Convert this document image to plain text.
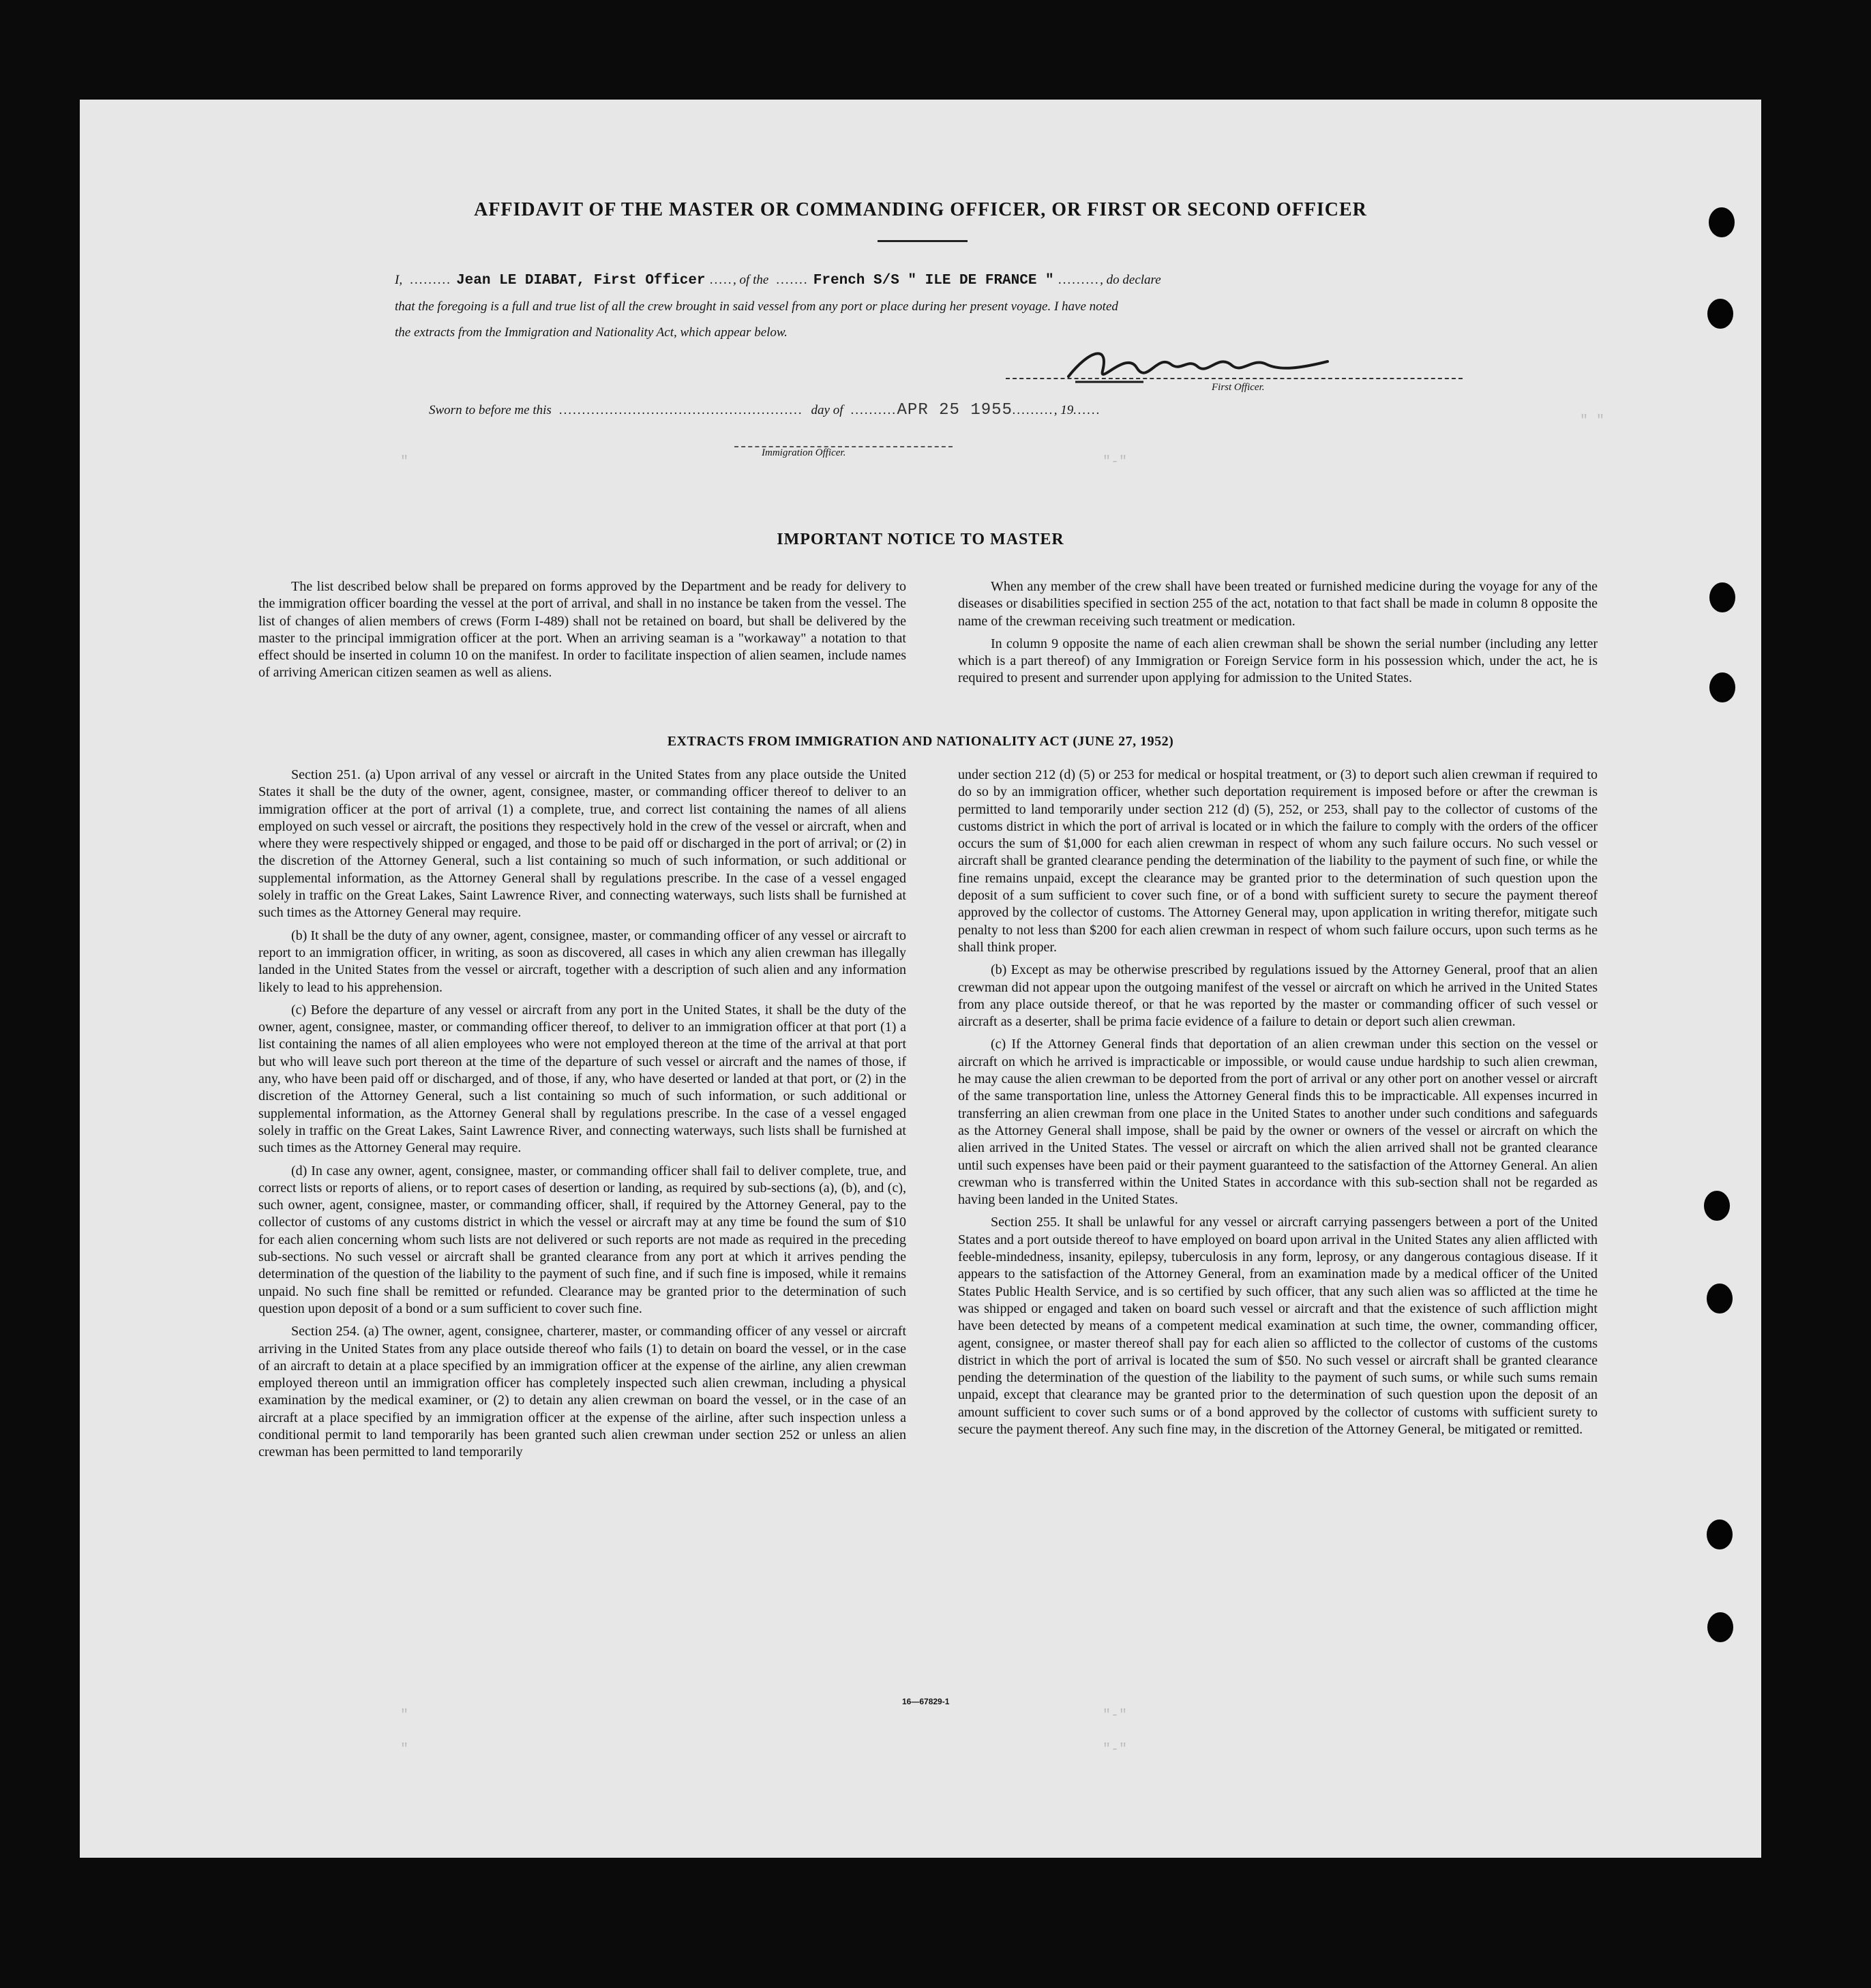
" "
"	"-"
"	"-"
"	"-"
AFFIDAVIT OF THE MASTER OR COMMANDING OFFICER, OR FIRST OR SECOND OFFICER
I,  ......... Jean LE DIABAT, First Officer ....., of the  ....... French S/S " ILE DE FRANCE " ........., do declare
that the foregoing is a full and true list of all the crew brought in said vessel from any port or place during her present voyage. I have noted
the extracts from the Immigration and Nationality Act, which appear below.
First Officer.
Sworn to before me this  .....................................................  day of  ..........APR 25 1955........., 19......
Immigration Officer.
IMPORTANT NOTICE TO MASTER

The list described below shall be prepared on forms approved by the Department and be ready for delivery to the immigration officer boarding the vessel at the port of arrival, and shall in no instance be taken from the vessel. The list of changes of alien members of crews (Form I-489) shall not be retained on board, but shall be delivered by the master to the principal immigration officer at the port. When an arriving seaman is a "workaway" a notation to that effect should be inserted in column 10 on the manifest. In order to facilitate inspection of alien seamen, include names of arriving American citizen seamen as well as aliens.

When any member of the crew shall have been treated or furnished medicine during the voyage for any of the diseases or disabilities specified in section 255 of the act, notation to that fact shall be made in column 8 opposite the name of the crewman receiving such treatment or medication.

In column 9 opposite the name of each alien crewman shall be shown the serial number (including any letter which is a part thereof) of any Immigration or Foreign Service form in his possession which, under the act, he is required to present and surrender upon applying for admission to the United States.

EXTRACTS FROM IMMIGRATION AND NATIONALITY ACT (JUNE 27, 1952)

Section 251. (a) Upon arrival of any vessel or aircraft in the United States from any place outside the United States it shall be the duty of the owner, agent, consignee, master, or commanding officer thereof to deliver to an immigration officer at the port of arrival (1) a complete, true, and correct list containing the names of all aliens employed on such vessel or aircraft, the positions they respectively hold in the crew of the vessel or aircraft, when and where they were respectively shipped or engaged, and those to be paid off or discharged in the port of arrival; or (2) in the discretion of the Attorney General, such a list containing so much of such information, or such additional or supplemental information, as the Attorney General shall by regulations prescribe. In the case of a vessel engaged solely in traffic on the Great Lakes, Saint Lawrence River, and connecting waterways, such lists shall be furnished at such times as the Attorney General may require.

(b) It shall be the duty of any owner, agent, consignee, master, or commanding officer of any vessel or aircraft to report to an immigration officer, in writing, as soon as discovered, all cases in which any alien crewman has illegally landed in the United States from the vessel or aircraft, together with a description of such alien and any information likely to lead to his apprehension.

(c) Before the departure of any vessel or aircraft from any port in the United States, it shall be the duty of the owner, agent, consignee, master, or commanding officer thereof, to deliver to an immigration officer at that port (1) a list containing the names of all alien employees who were not employed thereon at the time of the arrival at that port but who will leave such port thereon at the time of the departure of such vessel or aircraft and the names of those, if any, who have been paid off or discharged, and of those, if any, who have deserted or landed at that port, or (2) in the discretion of the Attorney General, such a list containing so much of such information, or such additional or supplemental information, as the Attorney General shall by regulations prescribe. In the case of a vessel engaged solely in traffic on the Great Lakes, Saint Lawrence River, and connecting waterways, such lists shall be furnished at such times as the Attorney General may require.

(d) In case any owner, agent, consignee, master, or commanding officer shall fail to deliver complete, true, and correct lists or reports of aliens, or to report cases of desertion or landing, as required by sub-sections (a), (b), and (c), such owner, agent, consignee, master, or commanding officer, shall, if required by the Attorney General, pay to the collector of customs of any customs district in which the vessel or aircraft may at any time be found the sum of $10 for each alien concerning whom such lists are not delivered or such reports are not made as required in the preceding sub-sections. No such vessel or aircraft shall be granted clearance from any port at which it arrives pending the determination of the question of the liability to the payment of such fine, and if such fine is imposed, while it remains unpaid. No such fine shall be remitted or refunded. Clearance may be granted prior to the determination of such question upon deposit of a bond or a sum sufficient to cover such fine.

Section 254. (a) The owner, agent, consignee, charterer, master, or commanding officer of any vessel or aircraft arriving in the United States from any place outside thereof who fails (1) to detain on board the vessel, or in the case of an aircraft to detain at a place specified by an immigration officer at the expense of the airline, any alien crewman employed thereon until an immigration officer has completely inspected such alien crewman, including a physical examination by the medical examiner, or (2) to detain any alien crewman on board the vessel, or in the case of an aircraft at a place specified by an immigration officer at the expense of the airline, after such inspection unless a conditional permit to land temporarily has been granted such alien crewman under section 252 or unless an alien crewman has been permitted to land temporarily

under section 212 (d) (5) or 253 for medical or hospital treatment, or (3) to deport such alien crewman if required to do so by an immigration officer, whether such deportation requirement is imposed before or after the crewman is permitted to land temporarily under section 212 (d) (5), 252, or 253, shall pay to the collector of customs of the customs district in which the port of arrival is located or in which the failure to comply with the orders of the officer occurs the sum of $1,000 for each alien crewman in respect of whom any such failure occurs. No such vessel or aircraft shall be granted clearance pending the determination of the liability to the payment of such fine, or while the fine remains unpaid, except the clearance may be granted prior to the determination of such question upon the deposit of a sum sufficient to cover such fine, or of a bond with sufficient surety to secure the payment thereof approved by the collector of customs. The Attorney General may, upon application in writing therefor, mitigate such penalty to not less than $200 for each alien crewman in respect of whom such failure occurs, upon such terms as he shall think proper.

(b) Except as may be otherwise prescribed by regulations issued by the Attorney General, proof that an alien crewman did not appear upon the outgoing manifest of the vessel or aircraft on which he arrived in the United States from any place outside thereof, or that he was reported by the master or commanding officer of such vessel or aircraft as a deserter, shall be prima facie evidence of a failure to detain or deport such alien crewman.

(c) If the Attorney General finds that deportation of an alien crewman under this section on the vessel or aircraft on which he arrived is impracticable or impossible, or would cause undue hardship to such alien crewman, he may cause the alien crewman to be deported from the port of arrival or any other port on another vessel or aircraft of the same transportation line, unless the Attorney General finds this to be impracticable. All expenses incurred in transferring an alien crewman from one place in the United States to another under such conditions and safeguards as the Attorney General shall impose, shall be paid by the owner or owners of the vessel or aircraft on which the alien arrived in the United States. The vessel or aircraft on which the alien arrived shall not be granted clearance until such expenses have been paid or their payment guaranteed to the satisfaction of the Attorney General. An alien crewman who is transferred within the United States in accordance with this sub-section shall not be regarded as having been landed in the United States.

Section 255. It shall be unlawful for any vessel or aircraft carrying passengers between a port of the United States and a port outside thereof to have employed on board upon arrival in the United States any alien afflicted with feeble-mindedness, insanity, epilepsy, tuberculosis in any form, leprosy, or any dangerous contagious disease. If it appears to the satisfaction of the Attorney General, from an examination made by a medical officer of the United States Public Health Service, and is so certified by such officer, that any such alien was so afflicted at the time he was shipped or engaged and taken on board such vessel or aircraft and that the existence of such affliction might have been detected by means of a competent medical examination at such time, the owner, commanding officer, agent, consignee, or master thereof shall pay for each alien so afflicted to the collector of customs of the customs district in which the port of arrival is located the sum of $50. No such vessel or aircraft shall be granted clearance pending the determination of the question of the liability to the payment of such sums, or while such sums remain unpaid, except that clearance may be granted prior to the determination of such question upon the deposit of an amount sufficient to cover such sums or of a bond approved by the collector of customs with sufficient surety to secure the payment thereof. Any such fine may, in the discretion of the Attorney General, be mitigated or remitted.

16—67829-1
